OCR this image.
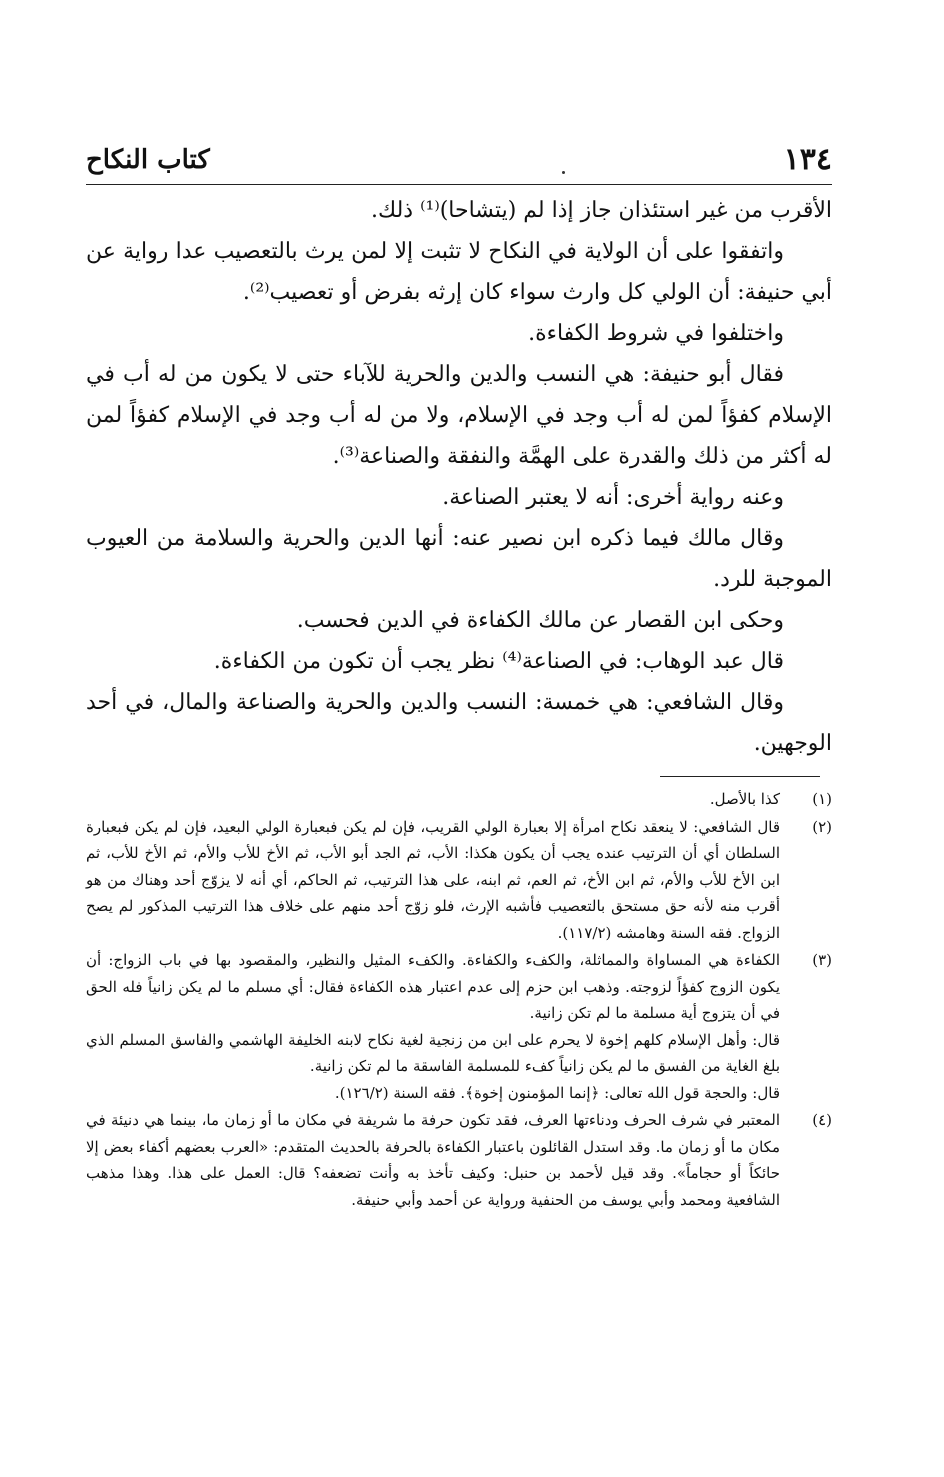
١٣٤
كتاب النكاح

الأقرب من غير استئذان جاز إذا لم (يتشاحا)⁽¹⁾ ذلك.

واتفقوا على أن الولاية في النكاح لا تثبت إلا لمن يرث بالتعصيب عدا رواية عن أبي حنيفة: أن الولي كل وارث سواء كان إرثه بفرض أو تعصيب⁽²⁾.

واختلفوا في شروط الكفاءة.

فقال أبو حنيفة: هي النسب والدين والحرية للآباء حتى لا يكون من له أب في الإسلام كفؤاً لمن له أب وجد في الإسلام، ولا من له أب وجد في الإسلام كفؤاً لمن له أكثر من ذلك والقدرة على الهمَّة والنفقة والصناعة⁽³⁾.

وعنه رواية أخرى: أنه لا يعتبر الصناعة.

وقال مالك فيما ذكره ابن نصير عنه: أنها الدين والحرية والسلامة من العيوب الموجبة للرد.

وحكى ابن القصار عن مالك الكفاءة في الدين فحسب.

قال عبد الوهاب: في الصناعة⁽⁴⁾ نظر يجب أن تكون من الكفاءة.

وقال الشافعي: هي خمسة: النسب والدين والحرية والصناعة والمال، في أحد الوجهين.

(١)

كذا بالأصل.

(٢)

قال الشافعي: لا ينعقد نكاح امرأة إلا بعبارة الولي القريب، فإن لم يكن فبعبارة الولي البعيد، فإن لم يكن فبعبارة السلطان أي أن الترتيب عنده يجب أن يكون هكذا: الأب، ثم الجد أبو الأب، ثم الأخ للأب والأم، ثم الأخ للأب، ثم ابن الأخ للأب والأم، ثم ابن الأخ، ثم العم، ثم ابنه، على هذا الترتيب، ثم الحاكم، أي أنه لا يزوّج أحد وهناك من هو أقرب منه لأنه حق مستحق بالتعصيب فأشبه الإرث، فلو زوّج أحد منهم على خلاف هذا الترتيب المذكور لم يصح الزواج. فقه السنة وهامشه (١١٧/٢).

(٣)

الكفاءة هي المساواة والمماثلة، والكفء والكفاءة. والكفء المثيل والنظير، والمقصود بها في باب الزواج: أن يكون الزوج كفؤاً لزوجته. وذهب ابن حزم إلى عدم اعتبار هذه الكفاءة فقال: أي مسلم ما لم يكن زانياً فله الحق في أن يتزوج أية مسلمة ما لم تكن زانية.

قال: وأهل الإسلام كلهم إخوة لا يحرم على ابن من زنجية لغية نكاح لابنه الخليفة الهاشمي والفاسق المسلم الذي بلغ الغاية من الفسق ما لم يكن زانياً كفء للمسلمة الفاسقة ما لم تكن زانية.

قال: والحجة قول الله تعالى: ﴿إنما المؤمنون إخوة﴾. فقه السنة (١٢٦/٢).

(٤)

المعتبر في شرف الحرف ودناءتها العرف، فقد تكون حرفة ما شريفة في مكان ما أو زمان ما، بينما هي دنيئة في مكان ما أو زمان ما. وقد استدل القائلون باعتبار الكفاءة بالحرفة بالحديث المتقدم: «العرب بعضهم أكفاء بعض إلا حائكاً أو حجاماً». وقد قيل لأحمد بن حنبل: وكيف تأخذ به وأنت تضعفه؟ قال: العمل على هذا. وهذا مذهب الشافعية ومحمد وأبي يوسف من الحنفية ورواية عن أحمد وأبي حنيفة.
